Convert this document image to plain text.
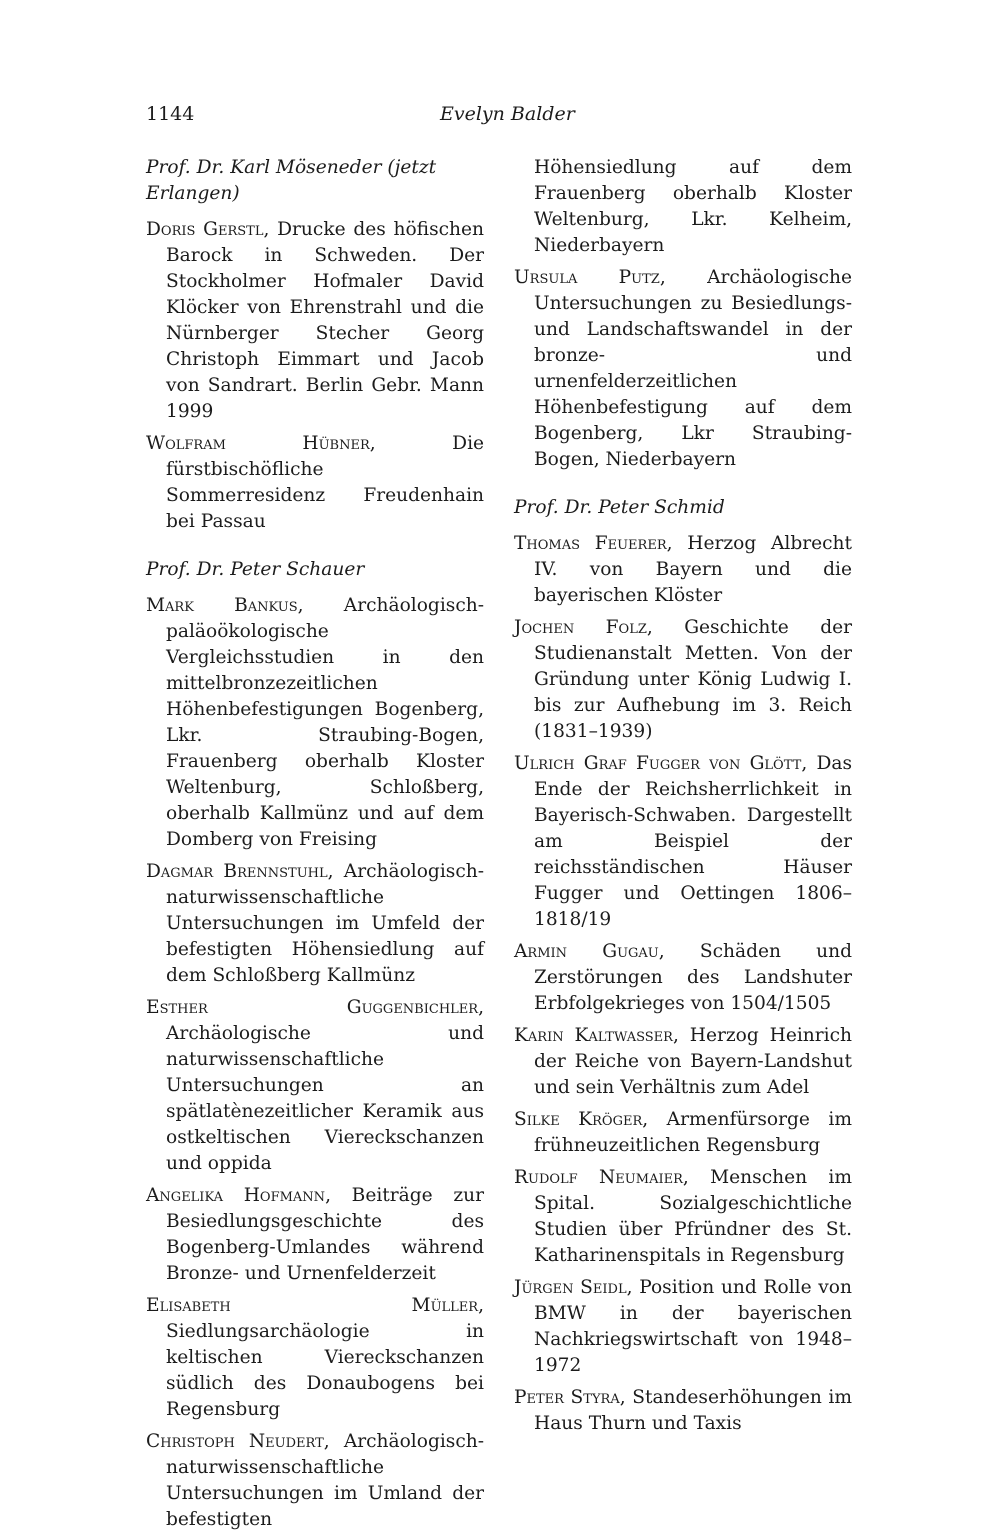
1144	Evelyn Balder

Prof. Dr. Karl Möseneder (jetzt Erlangen)

Doris Gerstl, Drucke des höfischen Barock in Schweden. Der Stockholmer Hofmaler David Klöcker von Ehrenstrahl und die Nürnberger Stecher Georg Christoph Eimmart und Jacob von Sandrart. Berlin Gebr. Mann 1999

Wolfram Hübner, Die fürstbischöfliche Sommerresidenz Freudenhain bei Passau

Prof. Dr. Peter Schauer

Mark Bankus, Archäologisch-paläoökologische Vergleichsstudien in den mittelbronzezeitlichen Höhenbefestigungen Bogenberg, Lkr. Straubing-Bogen, Frauenberg oberhalb Kloster Weltenburg, Schloßberg, oberhalb Kallmünz und auf dem Domberg von Freising

Dagmar Brennstuhl, Archäologisch-naturwissenschaftliche Untersuchungen im Umfeld der befestigten Höhensiedlung auf dem Schloßberg Kallmünz

Esther Guggenbichler, Archäologische und naturwissenschaftliche Untersuchungen an spätlatènezeitlicher Keramik aus ostkeltischen Viereckschanzen und oppida

Angelika Hofmann, Beiträge zur Besiedlungsgeschichte des Bogenberg-Umlandes während Bronze- und Urnenfelderzeit

Elisabeth Müller, Siedlungsarchäologie in keltischen Viereckschanzen südlich des Donaubogens bei Regensburg

Christoph Neudert, Archäologisch-naturwissenschaftliche Untersuchungen im Umland der befestigten

Höhensiedlung auf dem Frauenberg oberhalb Kloster Weltenburg, Lkr. Kelheim, Niederbayern

Ursula Putz, Archäologische Untersuchungen zu Besiedlungs- und Landschaftswandel in der bronze- und urnenfelderzeitlichen Höhenbefestigung auf dem Bogenberg, Lkr Straubing-Bogen, Niederbayern

Prof. Dr. Peter Schmid

Thomas Feuerer, Herzog Albrecht IV. von Bayern und die bayerischen Klöster

Jochen Folz, Geschichte der Studienanstalt Metten. Von der Gründung unter König Ludwig I. bis zur Aufhebung im 3. Reich (1831–1939)

Ulrich Graf Fugger von Glött, Das Ende der Reichsherrlichkeit in Bayerisch-Schwaben. Dargestellt am Beispiel der reichsständischen Häuser Fugger und Oettingen 1806–1818/19

Armin Gugau, Schäden und Zerstörungen des Landshuter Erbfolgekrieges von 1504/1505

Karin Kaltwasser, Herzog Heinrich der Reiche von Bayern-Landshut und sein Verhältnis zum Adel

Silke Kröger, Armenfürsorge im frühneuzeitlichen Regensburg

Rudolf Neumaier, Menschen im Spital. Sozialgeschichtliche Studien über Pfründner des St. Katharinenspitals in Regensburg

Jürgen Seidl, Position und Rolle von BMW in der bayerischen Nachkriegswirtschaft von 1948–1972

Peter Styra, Standeserhöhungen im Haus Thurn und Taxis
